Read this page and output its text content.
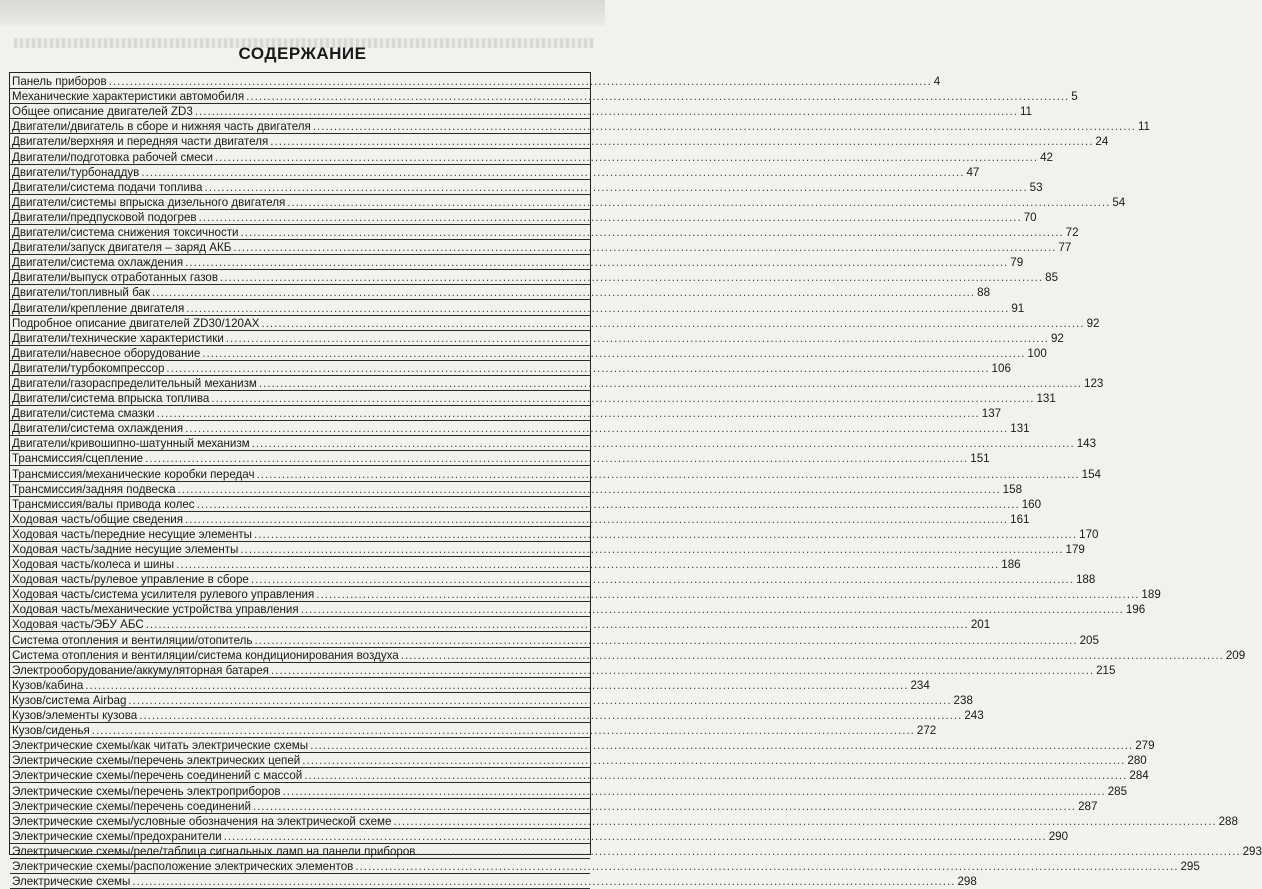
СОДЕРЖАНИЕ
Панель приборов .....	4
Механические характеристики автомобиля .....	5
Общее описание двигателей ZD3 .....	11
Двигатели/двигатель в сборе и нижняя часть двигателя .....	11
Двигатели/верхняя и передняя части двигателя .....	24
Двигатели/подготовка рабочей смеси .....	42
Двигатели/турбонаддув .....	47
Двигатели/система подачи топлива .....	53
Двигатели/системы впрыска дизельного двигателя .....	54
Двигатели/предпусковой подогрев .....	70
Двигатели/система снижения токсичности .....	72
Двигатели/запуск двигателя – заряд АКБ .....	77
Двигатели/система охлаждения .....	79
Двигатели/выпуск отработанных газов .....	85
Двигатели/топливный бак .....	88
Двигатели/крепление двигателя .....	91
Подробное описание двигателей ZD30/120AX .....	92
Двигатели/технические характеристики .....	92
Двигатели/навесное оборудование .....	100
Двигатели/турбокомпрессор .....	106
Двигатели/газораспределительный механизм .....	123
Двигатели/система впрыска топлива .....	131
Двигатели/система смазки .....	137
Двигатели/система охлаждения .....	131
Двигатели/кривошипно-шатунный механизм .....	143
Трансмиссия/сцепление .....	151
Трансмиссия/механические коробки передач .....	154
Трансмиссия/задняя подвеска .....	158
Трансмиссия/валы привода колес .....	160
Ходовая часть/общие сведения .....	161
Ходовая часть/передние несущие элементы .....	170
Ходовая часть/задние несущие элементы .....	179
Ходовая часть/колеса и шины .....	186
Ходовая часть/рулевое управление в сборе .....	188
Ходовая часть/система усилителя рулевого управления .....	189
Ходовая часть/механические устройства управления .....	196
Ходовая часть/ЭБУ АБС .....	201
Система отопления и вентиляции/отопитель .....	205
Система отопления и вентиляции/система кондиционирования воздуха .....	209
Электрооборудование/аккумуляторная батарея .....	215
Кузов/кабина .....	234
Кузов/система Airbag .....	238
Кузов/элементы кузова .....	243
Кузов/сиденья .....	272
Электрические схемы/как читать электрические схемы .....	279
Электрические схемы/перечень электрических цепей .....	280
Электрические схемы/перечень соединений с массой .....	284
Электрические схемы/перечень электроприборов .....	285
Электрические схемы/перечень соединений .....	287
Электрические схемы/условные обозначения на электрической схеме .....	288
Электрические схемы/предохранители .....	290
Электрические схемы/реле/таблица сигнальных ламп на панели приборов .....	293
Электрические схемы/расположение электрических элементов .....	295
Электрические схемы .....	298
